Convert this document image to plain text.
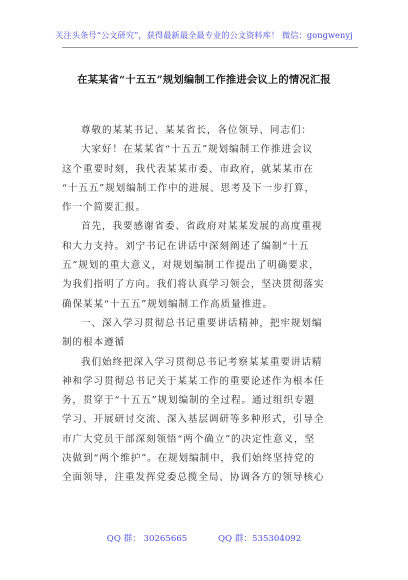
关注头条号“公文研究”，获得最新最全最专业的公文资料库！ 微信：gongwenyj
在某某省“十五五”规划编制工作推进会议上的情况汇报
尊敬的某某书记、某某省长，各位领导、同志们：
大家好！在某某省“十五五”规划编制工作推进会议
这个重要时刻，我代表某某市委、市政府，就某某市在
“十五五”规划编制工作中的进展、思考及下一步打算，
作一个简要汇报。
首先，我要感谢省委、省政府对某某发展的高度重视
和大力支持。刘宁书记在讲话中深刻阐述了编制“十五
五”规划的重大意义，对规划编制工作提出了明确要求，
为我们指明了方向。我们将认真学习领会，坚决贯彻落实
确保某某“十五五”规划编制工作高质量推进。
一、深入学习贯彻总书记重要讲话精神，把牢规划编
制的根本遵循
我们始终把深入学习贯彻总书记考察某某重要讲话精
神和学习贯彻总书记关于某某工作的重要论述作为根本任
务，贯穿于“十五五”规划编制的全过程。通过组织专题
学习、开展研讨交流、深入基层调研等多种形式，引导全
市广大党员干部深刻领悟“两个确立”的决定性意义，坚
决做到“两个维护”。在规划编制中，我们始终坚持党的
全面领导，注重发挥党委总揽全局、协调各方的领导核心
QQ 群： 30265665	QQ 群：535304092
